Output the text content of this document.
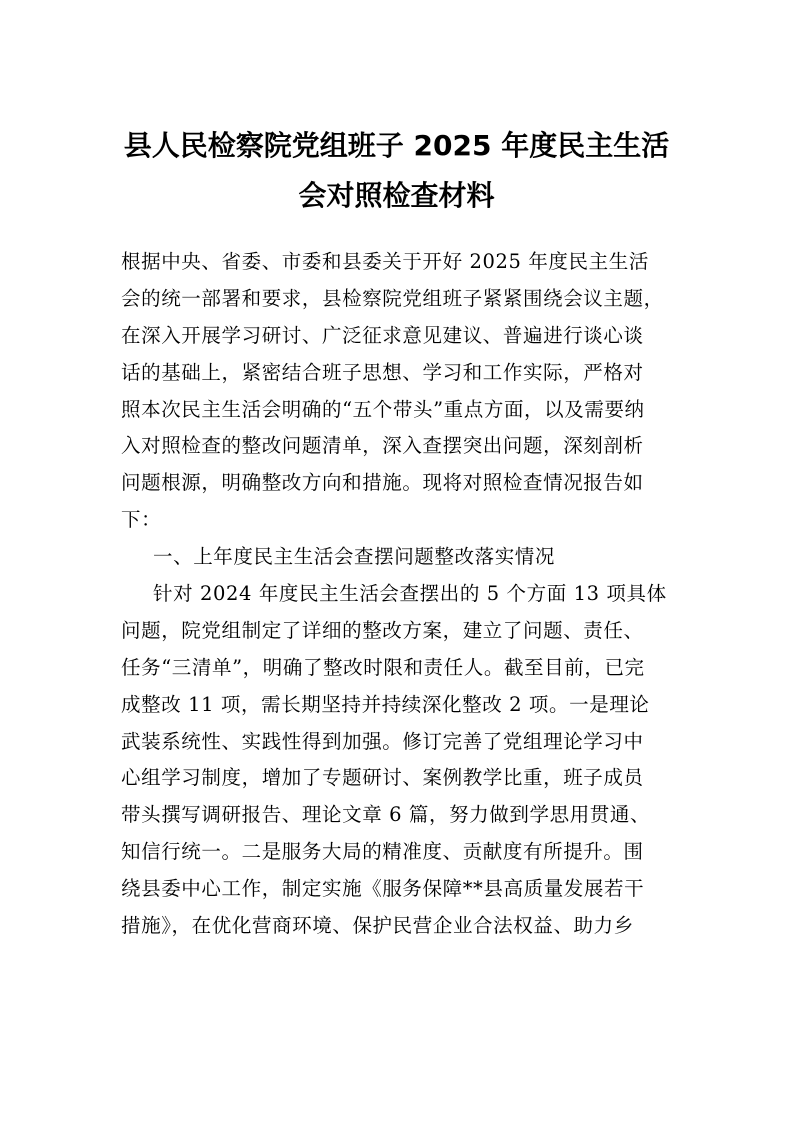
县人民检察院党组班子 2025 年度民主生活
会对照检查材料
根据中央、省委、市委和县委关于开好 2025 年度民主生活
会的统一部署和要求，县检察院党组班子紧紧围绕会议主题，
在深入开展学习研讨、广泛征求意见建议、普遍进行谈心谈
话的基础上，紧密结合班子思想、学习和工作实际，严格对
照本次民主生活会明确的“五个带头”重点方面，以及需要纳
入对照检查的整改问题清单，深入查摆突出问题，深刻剖析
问题根源，明确整改方向和措施。现将对照检查情况报告如
下：
一、上年度民主生活会查摆问题整改落实情况
针对 2024 年度民主生活会查摆出的 5 个方面 13 项具体
问题，院党组制定了详细的整改方案，建立了问题、责任、
任务“三清单”，明确了整改时限和责任人。截至目前，已完
成整改 11 项，需长期坚持并持续深化整改 2 项。一是理论
武装系统性、实践性得到加强。修订完善了党组理论学习中
心组学习制度，增加了专题研讨、案例教学比重，班子成员
带头撰写调研报告、理论文章 6 篇，努力做到学思用贯通、
知信行统一。二是服务大局的精准度、贡献度有所提升。围
绕县委中心工作，制定实施《服务保障**县高质量发展若干
措施》，在优化营商环境、保护民营企业合法权益、助力乡
